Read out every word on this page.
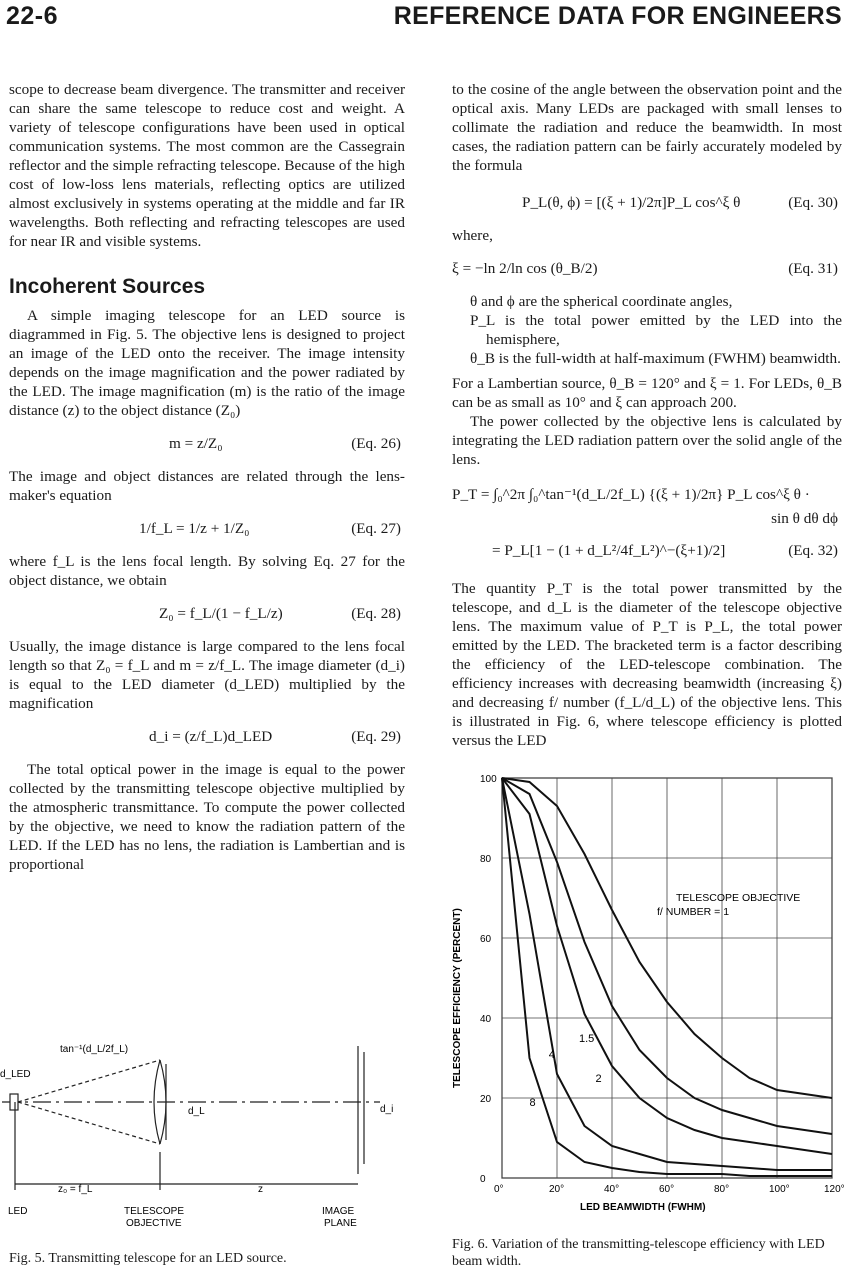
22-6	REFERENCE DATA FOR ENGINEERS

scope to decrease beam divergence. The transmitter and receiver can share the same telescope to reduce cost and weight. A variety of telescope configurations have been used in optical communication systems. The most common are the Cassegrain reflector and the simple refracting telescope. Because of the high cost of low-loss lens materials, reflecting optics are utilized almost exclusively in systems operating at the middle and far IR wavelengths. Both reflecting and refracting telescopes are used for near IR and visible systems.

Incoherent Sources

A simple imaging telescope for an LED source is diagrammed in Fig. 5. The objective lens is designed to project an image of the LED onto the receiver. The image intensity depends on the image magnification and the power radiated by the LED. The image magnification (m) is the ratio of the image distance (z) to the object distance (Z₀)

m = z/Z₀	(Eq. 26)

The image and object distances are related through the lens-maker's equation

1/f_L = 1/z + 1/Z₀	(Eq. 27)

where f_L is the lens focal length. By solving Eq. 27 for the object distance, we obtain

Z₀ = f_L/(1 − f_L/z)	(Eq. 28)

Usually, the image distance is large compared to the lens focal length so that Z₀ = f_L and m = z/f_L. The image diameter (d_i) is equal to the LED diameter (d_LED) multiplied by the magnification

d_i = (z/f_L)d_LED	(Eq. 29)

The total optical power in the image is equal to the power collected by the transmitting telescope objective multiplied by the atmospheric transmittance. To compute the power collected by the objective, we need to know the radiation pattern of the LED. If the LED has no lens, the radiation is Lambertian and is proportional

to the cosine of the angle between the observation point and the optical axis. Many LEDs are packaged with small lenses to collimate the radiation and reduce the beamwidth. In most cases, the radiation pattern can be fairly accurately modeled by the formula

P_L(θ, ϕ) = [(ξ + 1)/2π]P_L cos^ξ θ	(Eq. 30)

where,

ξ = −ln 2/ln cos (θ_B/2)	(Eq. 31)

θ and ϕ are the spherical coordinate angles,

P_L is the total power emitted by the LED into the hemisphere,

θ_B is the full-width at half-maximum (FWHM) beamwidth.

For a Lambertian source, θ_B = 120° and ξ = 1. For LEDs, θ_B can be as small as 10° and ξ can approach 200.

The power collected by the objective lens is calculated by integrating the LED radiation pattern over the solid angle of the lens.

P_T = ∫₀^2π ∫₀^tan⁻¹(d_L/2f_L) {(ξ + 1)/2π} P_L cos^ξ θ ·
sin θ dθ dϕ
= P_L[1 − (1 + d_L²/4f_L²)^−(ξ+1)/2]	(Eq. 32)

The quantity P_T is the total power transmitted by the telescope, and d_L is the diameter of the telescope objective lens. The maximum value of P_T is P_L, the total power emitted by the LED. The bracketed term is a factor describing the efficiency of the LED-telescope combination. The efficiency increases with decreasing beamwidth (increasing ξ) and decreasing f/ number (f_L/d_L) of the objective lens. This is illustrated in Fig. 6, where telescope efficiency is plotted versus the LED

tan⁻¹(d_L/2f_L)
d_LED
d_L	d_i
z₀ = f_L	z
LED	TELESCOPE
OBJECTIVE
IMAGE
PLANE
Fig. 5. Transmitting telescope for an LED source.
1.5
2
4
8
0°	20°	40°	60°	80°	100°	120°
0
20
40
60
80
100
TELESCOPE EFFICIENCY (PERCENT)
LED BEAMWIDTH (FWHM)
TELESCOPE OBJECTIVE
f/ NUMBER = 1
Fig. 6. Variation of the transmitting-telescope efficiency with LED beam width.
